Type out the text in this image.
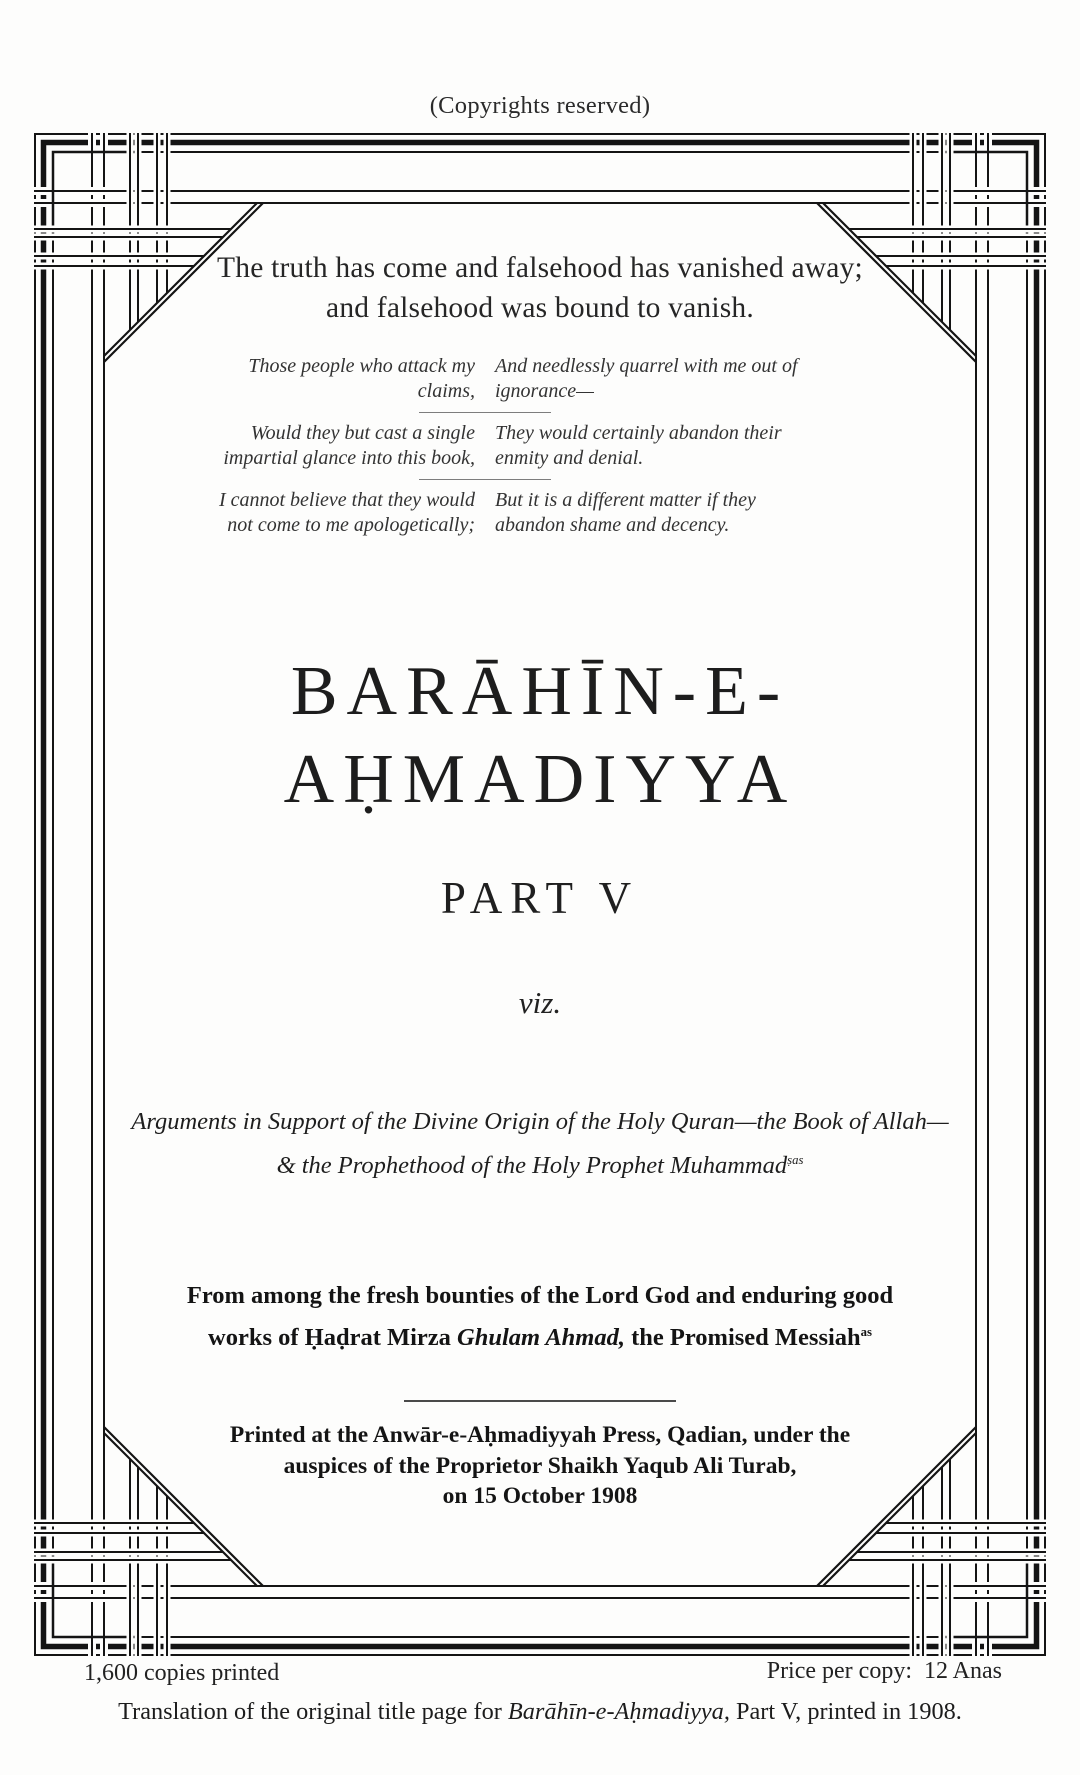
(Copyrights reserved)
The truth has come and falsehood has vanished away;
and falsehood was bound to vanish.
Those people who attack my claims,
And needlessly quarrel with me out of ignorance—
Would they but cast a single impartial glance into this book,
They would certainly abandon their enmity and denial.
I cannot believe that they would not come to me apologetically;
But it is a different matter if they abandon shame and decency.
BARĀHĪN-E-
AḤMADIYYA
PART V
viz.
Arguments in Support of the Divine Origin of the Holy Quran—the Book of Allah—
& the Prophethood of the Holy Prophet Muhammad$^{ṣas}$
From among the fresh bounties of the Lord God and enduring good
works of Ḥaḍrat Mirza Ghulam Ahmad, the Promised Messiah$^{as}$
Printed at the Anwār-e-Aḥmadiyyah Press, Qadian, under the
auspices of the Proprietor Shaikh Yaqub Ali Turab,
on 15 October 1908
1,600 copies printed	Price per copy:  12 Anas
Translation of the original title page for Barāhīn-e-Aḥmadiyya, Part V, printed in 1908.
